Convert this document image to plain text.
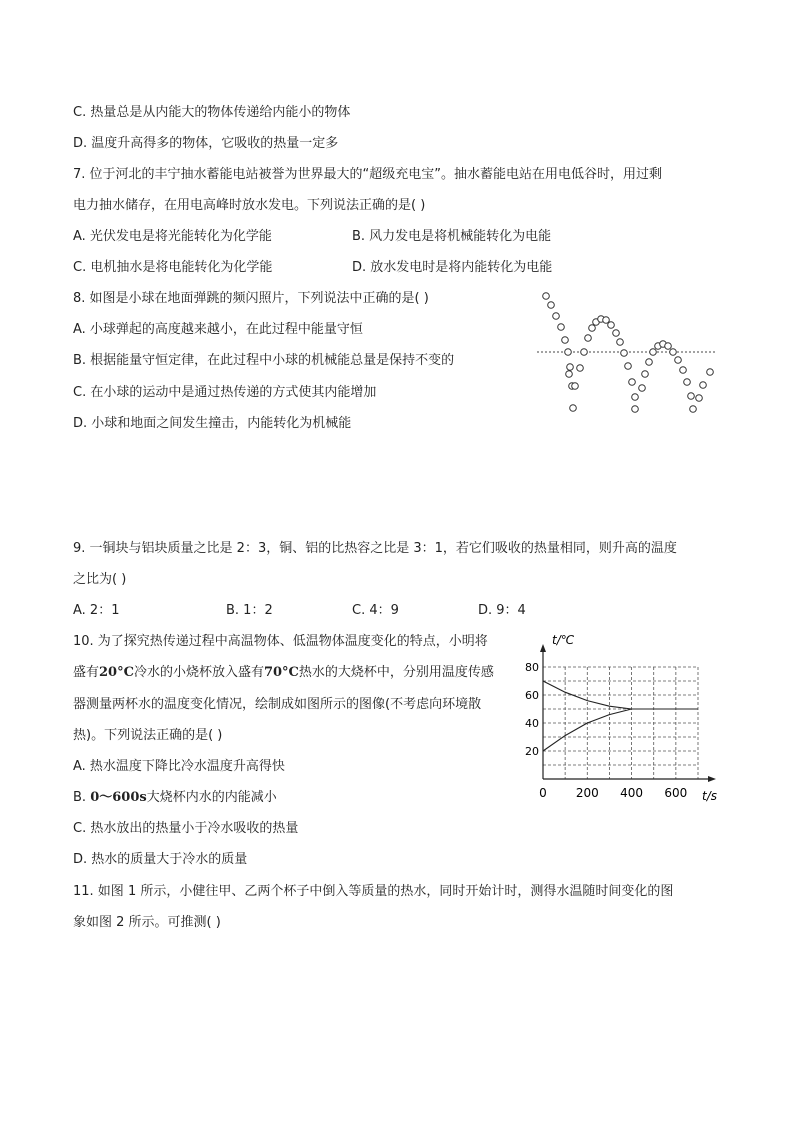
C. 热量总是从内能大的物体传递给内能小的物体
D. 温度升高得多的物体，它吸收的热量一定多
7. 位于河北的丰宁抽水蓄能电站被誉为世界最大的“超级充电宝”。抽水蓄能电站在用电低谷时，用过剩
电力抽水储存，在用电高峰时放水发电。下列说法正确的是( )
A. 光伏发电是将光能转化为化学能	B. 风力发电是将机械能转化为电能
C. 电机抽水是将电能转化为化学能	D. 放水发电时是将内能转化为电能
8. 如图是小球在地面弹跳的频闪照片，下列说法中正确的是( )
A. 小球弹起的高度越来越小，在此过程中能量守恒
B. 根据能量守恒定律，在此过程中小球的机械能总量是保持不变的
C. 在小球的运动中是通过热传递的方式使其内能增加
D. 小球和地面之间发生撞击，内能转化为机械能
9. 一铜块与铝块质量之比是 2：3，铜、铝的比热容之比是 3：1，若它们吸收的热量相同，则升高的温度
之比为( )
A. 2：1	B. 1：2	C. 4：9	D. 9：4
10. 为了探究热传递过程中高温物体、低温物体温度变化的特点，小明将
盛有20°C冷水的小烧杯放入盛有70°C热水的大烧杯中，分别用温度传感
器测量两杯水的温度变化情况，绘制成如图所示的图像(不考虑向环境散
热)。下列说法正确的是( )
A. 热水温度下降比冷水温度升高得快
B. 0～600s大烧杯内水的内能减小
C. 热水放出的热量小于冷水吸收的热量
D. 热水的质量大于冷水的质量
0 200 400 600
20
40
60
80
t/℃
t/s
11. 如图 1 所示，小健往甲、乙两个杯子中倒入等质量的热水，同时开始计时，测得水温随时间变化的图
象如图 2 所示。可推测( )
